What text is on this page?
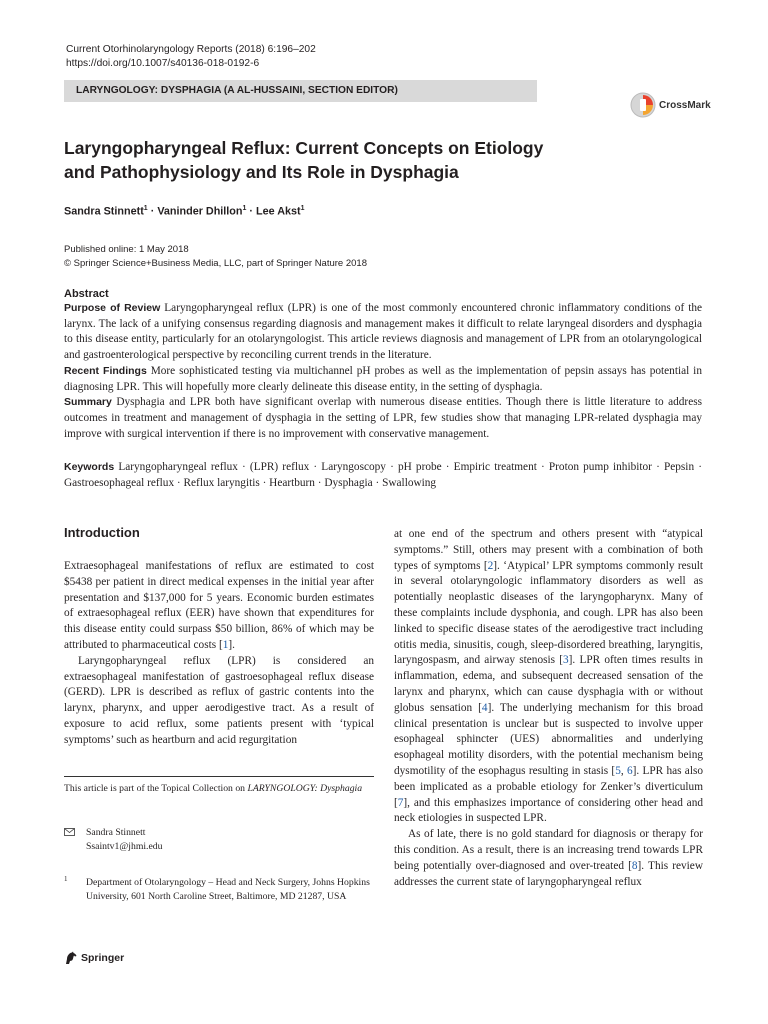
Current Otorhinolaryngology Reports (2018) 6:196–202
https://doi.org/10.1007/s40136-018-0192-6
LARYNGOLOGY: DYSPHAGIA (A AL-HUSSAINI, SECTION EDITOR)
CrossMark
Laryngopharyngeal Reflux: Current Concepts on Etiology and Pathophysiology and Its Role in Dysphagia
Sandra Stinnett$^1$ · Vaninder Dhillon$^1$ · Lee Akst$^1$
Published online: 1 May 2018
© Springer Science+Business Media, LLC, part of Springer Nature 2018
Abstract
Purpose of Review Laryngopharyngeal reflux (LPR) is one of the most commonly encountered chronic inflammatory conditions of the larynx. The lack of a unifying consensus regarding diagnosis and management makes it difficult to relate laryngeal disorders and dysphagia to this disease entity, particularly for an otolaryngologist. This article reviews diagnosis and management of LPR from an otolaryngological and gastroenterological perspective by reconciling current trends in the literature.
Recent Findings More sophisticated testing via multichannel pH probes as well as the implementation of pepsin assays has potential in diagnosing LPR. This will hopefully more clearly delineate this disease entity, in the setting of dysphagia.
Summary Dysphagia and LPR both have significant overlap with numerous disease entities. Though there is little literature to address outcomes in treatment and management of dysphagia in the setting of LPR, few studies show that managing LPR-related dysphagia may improve with surgical intervention if there is no improvement with conservative management.
Keywords Laryngopharyngeal reflux · (LPR) reflux · Laryngoscopy · pH probe · Empiric treatment · Proton pump inhibitor · Pepsin · Gastroesophageal reflux · Reflux laryngitis · Heartburn · Dysphagia · Swallowing
Introduction

Extraesophageal manifestations of reflux are estimated to cost $5438 per patient in direct medical expenses in the initial year after presentation and $137,000 for 5 years. Economic burden estimates of extraesophageal reflux (EER) have shown that expenditures for this disease entity could surpass $50 billion, 86% of which may be attributed to pharmaceutical costs [1].

Laryngopharyngeal reflux (LPR) is considered an extraesophageal manifestation of gastroesophageal reflux disease (GERD). LPR is described as reflux of gastric contents into the larynx, pharynx, and upper aerodigestive tract. As a result of exposure to acid reflux, some patients present with ‘typical symptoms’ such as heartburn and acid regurgitation

at one end of the spectrum and others present with “atypical symptoms.” Still, others may present with a combination of both types of symptoms [2]. ‘Atypical’ LPR symptoms commonly result in several otolaryngologic inflammatory disorders as well as potentially neoplastic diseases of the laryngopharynx. Many of these complaints include dysphonia, and cough. LPR has also been linked to specific disease states of the aerodigestive tract including otitis media, sinusitis, cough, sleep-disordered breathing, laryngitis, laryngospasm, and airway stenosis [3]. LPR often times results in inflammation, edema, and subsequent decreased sensation of the larynx and pharynx, which can cause dysphagia with or without globus sensation [4]. The underlying mechanism for this broad clinical presentation is unclear but is suspected to involve upper esophageal sphincter (UES) abnormalities and underlying esophageal motility disorders, with the potential mechanism being dysmotility of the esophagus resulting in stasis [5, 6]. LPR has also been implicated as a probable etiology for Zenker’s diverticulum [7], and this emphasizes importance of considering other head and neck etiologies in suspected LPR.

As of late, there is no gold standard for diagnosis or therapy for this condition. As a result, there is an increasing trend towards LPR being potentially over-diagnosed and over-treated [8]. This review addresses the current state of laryngopharyngeal reflux

This article is part of the Topical Collection on LARYNGOLOGY: Dysphagia
Sandra Stinnett
Ssaintv1@jhmi.edu
1 Department of Otolaryngology – Head and Neck Surgery, Johns Hopkins University, 601 North Caroline Street, Baltimore, MD 21287, USA
Springer
